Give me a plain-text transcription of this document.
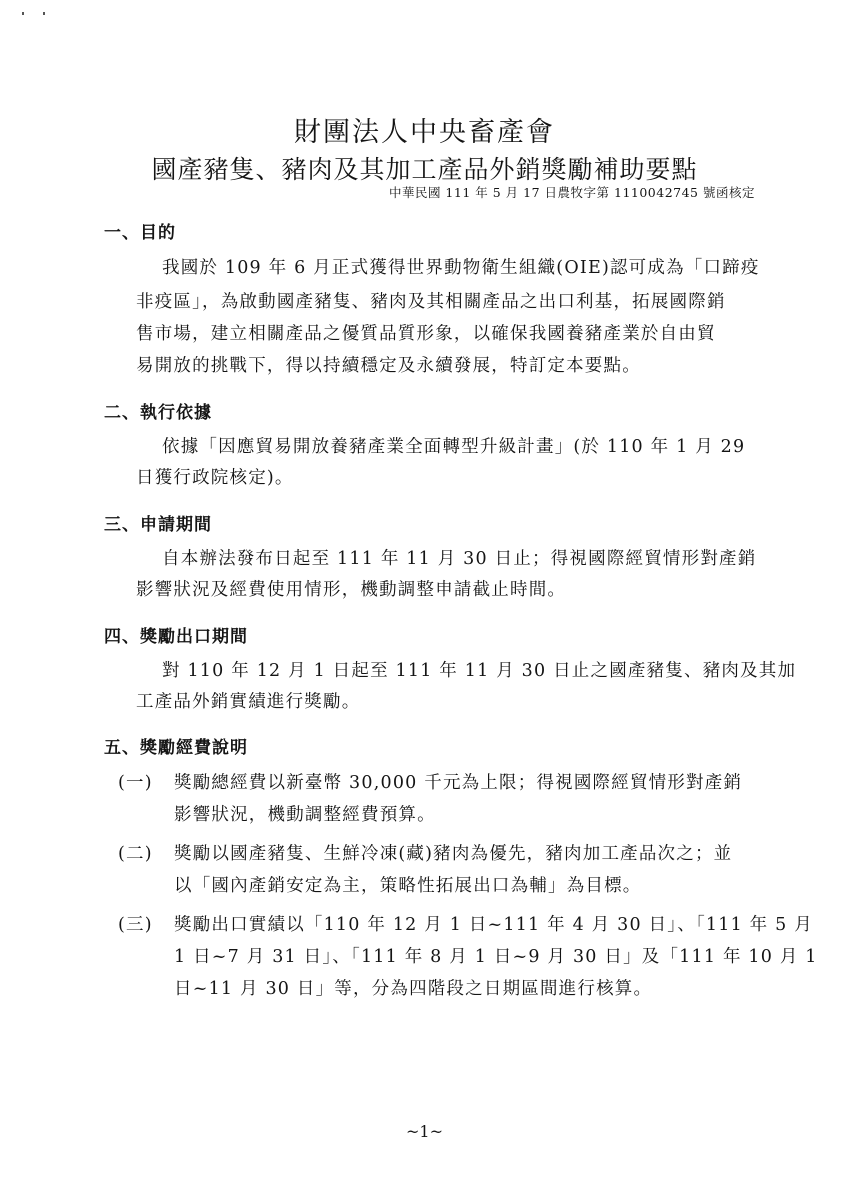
財團法人中央畜產會
國產豬隻、豬肉及其加工產品外銷獎勵補助要點
中華民國 111 年 5 月 17 日農牧字第 1110042745 號函核定
一、目的
我國於 109 年 6 月正式獲得世界動物衛生組織(OIE)認可成為「口蹄疫
非疫區」，為啟動國產豬隻、豬肉及其相關產品之出口利基，拓展國際銷
售市場，建立相關產品之優質品質形象，以確保我國養豬產業於自由貿
易開放的挑戰下，得以持續穩定及永續發展，特訂定本要點。
二、執行依據
依據「因應貿易開放養豬產業全面轉型升級計畫」(於 110 年 1 月 29
日獲行政院核定)。
三、申請期間
自本辦法發布日起至 111 年 11 月 30 日止；得視國際經貿情形對產銷
影響狀況及經費使用情形，機動調整申請截止時間。
四、獎勵出口期間
對 110 年 12 月 1 日起至 111 年 11 月 30 日止之國產豬隻、豬肉及其加
工產品外銷實績進行獎勵。
五、獎勵經費說明
(一) 獎勵總經費以新臺幣 30,000 千元為上限；得視國際經貿情形對產銷
影響狀況，機動調整經費預算。
(二) 獎勵以國產豬隻、生鮮冷凍(藏)豬肉為優先，豬肉加工產品次之；並
以「國內產銷安定為主，策略性拓展出口為輔」為目標。
(三) 獎勵出口實績以「110 年 12 月 1 日~111 年 4 月 30 日」、「111 年 5 月
1 日~7 月 31 日」、「111 年 8 月 1 日~9 月 30 日」及「111 年 10 月 1
日~11 月 30 日」等，分為四階段之日期區間進行核算。
~1~
